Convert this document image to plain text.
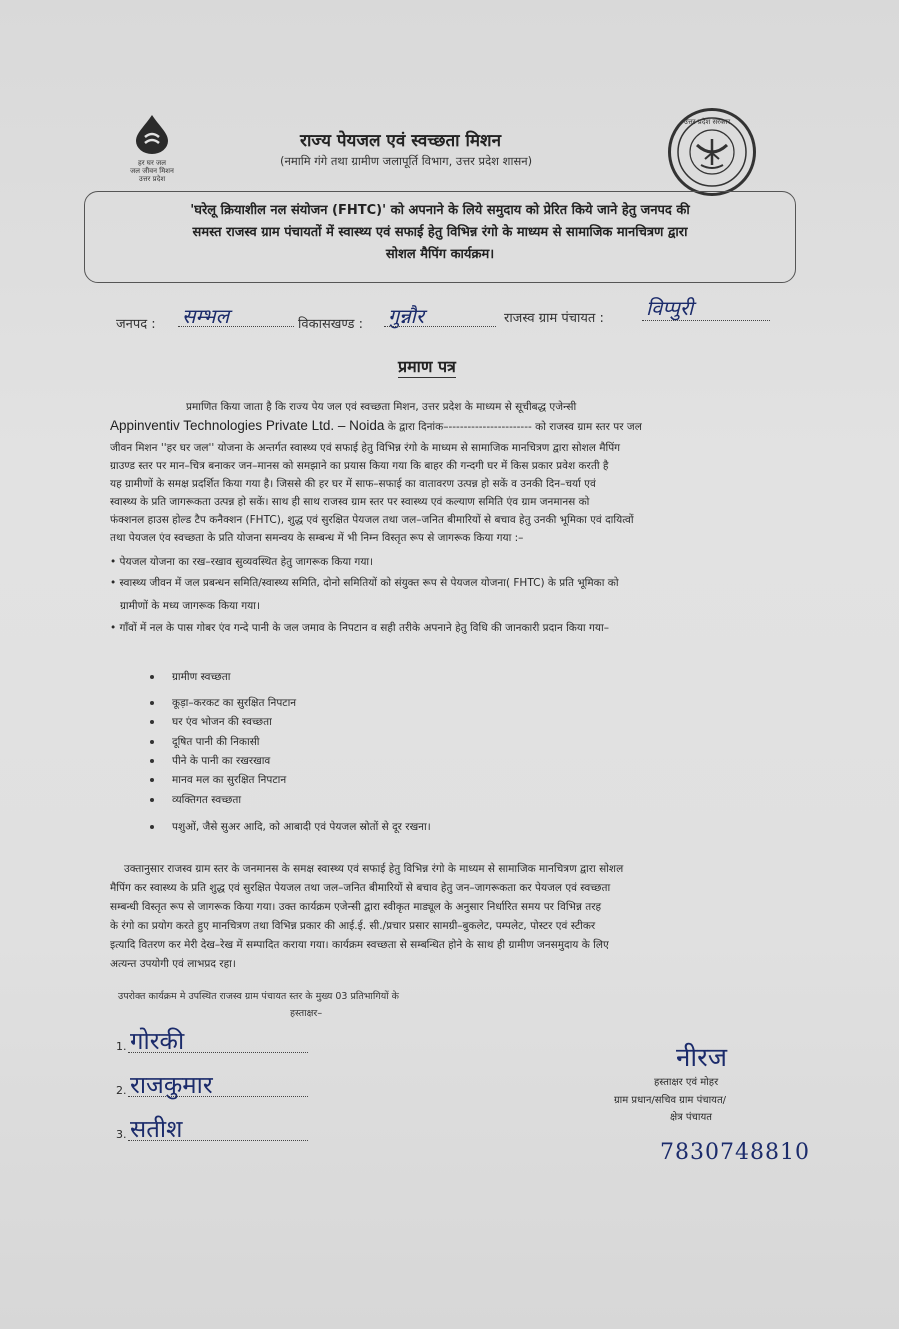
हर घर जल
जल जीवन मिशन
उत्तर प्रदेश
राज्य पेयजल एवं स्वच्छता मिशन
(नमामि गंगे तथा ग्रामीण जलापूर्ति विभाग, उत्तर प्रदेश शासन)
उत्तर प्रदेश सरकार

'घरेलू क्रियाशील नल संयोजन (FHTC)' को अपनाने के लिये समुदाय को प्रेरित किये जाने हेतु जनपद की

समस्त राजस्व ग्राम पंचायतों में स्वास्थ्य एवं सफाई हेतु विभिन्न रंगो के माध्यम से सामाजिक मानचित्रण द्वारा

सोशल मैपिंग कार्यक्रम।

जनपद : सम्भल	विकासखण्ड : गुन्नौर	राजस्व ग्राम पंचायत : विप्पुरी
प्रमाण पत्र
प्रमाणित किया जाता है कि राज्य पेय जल एवं स्वच्छता मिशन, उत्तर प्रदेश के माध्यम से सूचीबद्ध एजेन्सी
Appinventiv Technologies Private Ltd. – Noida के द्वारा दिनांक–---------------------- को राजस्व ग्राम स्तर पर जल
जीवन मिशन ''हर घर जल'' योजना के अन्तर्गत स्वास्थ्य एवं सफाई हेतु विभिन्न रंगो के माध्यम से सामाजिक मानचित्रण द्वारा सोशल मैपिंग
ग्राउण्ड स्तर पर मान–चित्र बनाकर जन–मानस को समझाने का प्रयास किया गया कि बाहर की गन्दगी घर में किस प्रकार प्रवेश करती है
यह ग्रामीणों के समक्ष प्रदर्शित किया गया है। जिससे की हर घर में साफ–सफाई का वातावरण उत्पन्न हो सकें व उनकी दिन–चर्या एवं
स्वास्थ्य के प्रति जागरूकता उत्पन्न हो सकें। साथ ही साथ राजस्व ग्राम स्तर पर स्वास्थ्य एवं कल्याण समिति एंव ग्राम जनमानस को
फंक्शनल हाउस होल्ड टैप कनैक्शन (FHTC), शुद्ध एवं सुरक्षित पेयजल तथा जल–जनित बीमारियों से बचाव हेतु उनकी भूमिका एवं दायित्वों
तथा पेयजल एंव स्वच्छता के प्रति योजना समन्वय के सम्बन्ध में भी निम्न विस्तृत रूप से जागरूक किया गया :–
• पेयजल योजना का रख–रखाव सुव्यवस्थित हेतु जागरूक किया गया।
• स्वास्थ्य जीवन में जल प्रबन्धन समिति/स्वास्थ्य समिति, दोनो समितियों को संयुक्त रूप से पेयजल योजना( FHTC) के प्रति भूमिका को
ग्रामीणों के मध्य जागरूक किया गया।
• गाँवों में नल के पास गोबर एंव गन्दे पानी के जल जमाव के निपटान व सही तरीके अपनाने हेतु विधि की जानकारी प्रदान किया गया–
ग्रामीण स्वच्छता
कूड़ा–करकट का सुरक्षित निपटान
घर एंव भोजन की स्वच्छता
दूषित पानी की निकासी
पीने के पानी का रखरखाव
मानव मल का सुरक्षित निपटान
व्यक्तिगत स्वच्छता
पशुओं, जैसे सुअर आदि, को आबादी एवं पेयजल स्रोतों से दूर रखना।
उक्तानुसार राजस्व ग्राम स्तर के जनमानस के समक्ष स्वास्थ्य एवं सफाई हेतु विभिन्न रंगो के माध्यम से सामाजिक मानचित्रण द्वारा सोशल
मैपिंग कर स्वास्थ्य के प्रति शुद्ध एवं सुरक्षित पेयजल तथा जल–जनित बीमारियों से बचाव हेतु जन–जागरूकता कर पेयजल एवं स्वच्छता
सम्बन्धी विस्तृत रूप से जागरूक किया गया। उक्त कार्यक्रम एजेन्सी द्वारा स्वीकृत माड्यूल के अनुसार निर्धारित समय पर विभिन्न तरह
के रंगो का प्रयोग करते हुए मानचित्रण तथा विभिन्न प्रकार की आई.ई. सी./प्रचार प्रसार सामग्री–बुकलेट, पम्पलेट, पोस्टर एवं स्टीकर
इत्यादि वितरण कर मेरी देख–रेख में सम्पादित कराया गया। कार्यक्रम स्वच्छता से सम्बन्धित होने के साथ ही ग्रामीण जनसमुदाय के लिए
अत्यन्त उपयोगी एवं लाभप्रद रहा।
उपरोक्त कार्यक्रम मे उपस्थित राजस्व ग्राम पंचायत स्तर के मुख्य 03 प्रतिभागियों के
हस्ताक्षर–
1. गोरकी
2. राजकुमार
3. सतीश
नीरज
हस्ताक्षर एवं मोहर
ग्राम प्रधान/सचिव ग्राम पंचायत/
क्षेत्र पंचायत
7830748810
